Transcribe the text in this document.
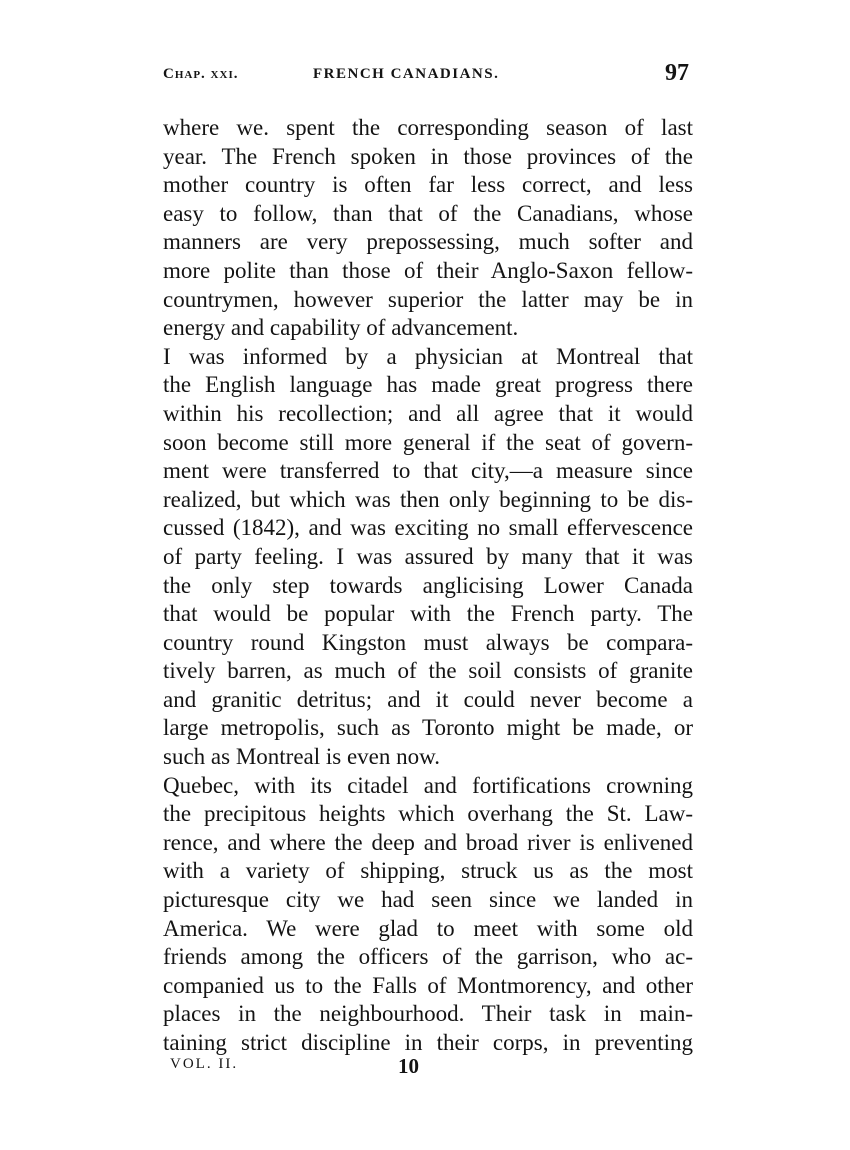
Chap. xxi.	FRENCH CANADIANS.	97
where we. spent the corresponding season of last
year. The French spoken in those provinces of the
mother country is often far less correct, and less
easy to follow, than that of the Canadians, whose
manners are very prepossessing, much softer and
more polite than those of their Anglo-Saxon fellow-
countrymen, however superior the latter may be in
energy and capability of advancement.
I was informed by a physician at Montreal that
the English language has made great progress there
within his recollection; and all agree that it would
soon become still more general if the seat of govern-
ment were transferred to that city,—a measure since
realized, but which was then only beginning to be dis-
cussed (1842), and was exciting no small effervescence
of party feeling. I was assured by many that it was
the only step towards anglicising Lower Canada
that would be popular with the French party. The
country round Kingston must always be compara-
tively barren, as much of the soil consists of granite
and granitic detritus; and it could never become a
large metropolis, such as Toronto might be made, or
such as Montreal is even now.
Quebec, with its citadel and fortifications crowning
the precipitous heights which overhang the St. Law-
rence, and where the deep and broad river is enlivened
with a variety of shipping, struck us as the most
picturesque city we had seen since we landed in
America. We were glad to meet with some old
friends among the officers of the garrison, who ac-
companied us to the Falls of Montmorency, and other
places in the neighbourhood. Their task in main-
taining strict discipline in their corps, in preventing
VOL. II.	10
